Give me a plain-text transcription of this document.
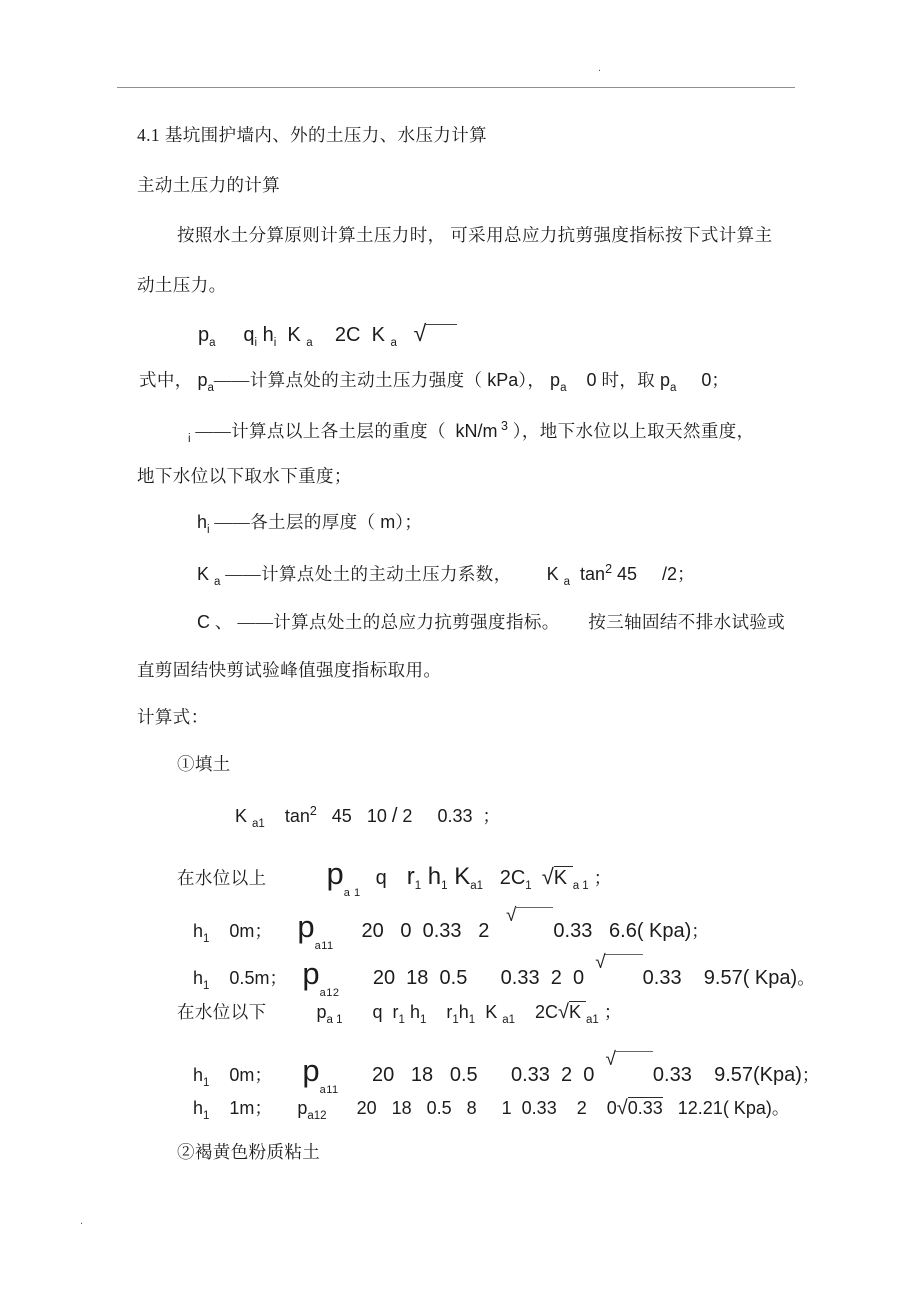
.
4.1 基坑围护墙内、外的土压力、水压力计算
主动土压力的计算
按照水土分算原则计算土压力时， 可采用总应力抗剪强度指标按下式计算主
动土压力。
$p_a$ $q_i$ $h_i$  K $_a$    2C  K $_a$ √
式中， $p_a——$计算点处的主动土压力强度（ kPa）， $p_a$    0 时，取 $p_a$     0；
$_i$ ——计算点以上各土层的重度（  kN/m $^3$ ），地下水位以上取天然重度，
地下水位以下取水下重度；
$h_i$ ——各土层的厚度（ m）；
K $_a$ ——计算点处土的主动土压力系数，       K $_a$  $\tan^2 45$     /2；
C 、 ——计算点处土的总应力抗剪强度指标。      按三轴固结不排水试验或
直剪固结快剪试验峰值强度指标取用。
计算式：
①填土
K $_{a1}$    $\tan^2 45$   10 / 2     0.33  ；
在水位以上 $p_{a 1}$   q $r_1$ $h_1$ $K_{a1}$   $2C_1$ √K $_{a 1}$ ；
$h_1$    0m； $p_{a11}$     20   0  0.33   2   √0.33   6.6( Kpa)；
$h_1$    0.5m； $p_{a12}$      20  18  0.5      0.33  2  0  √0.33    9.57( Kpa)。
在水位以下	$p_{a 1}$      q  $r_1$ $h_1$    $r_1h_1$  K $_{a1}$    2C√K $_{a1}$ ；
$h_1$    0m； $p_{a11}$      20   18   0.5      0.33  2  0  √0.33    9.57(Kpa)；
$h_1$    1m； $p_{a12}$      20   18   0.5   8     1  0.33    2    0√0.33   12.21( Kpa)。
②褐黄色粉质粘土
.
